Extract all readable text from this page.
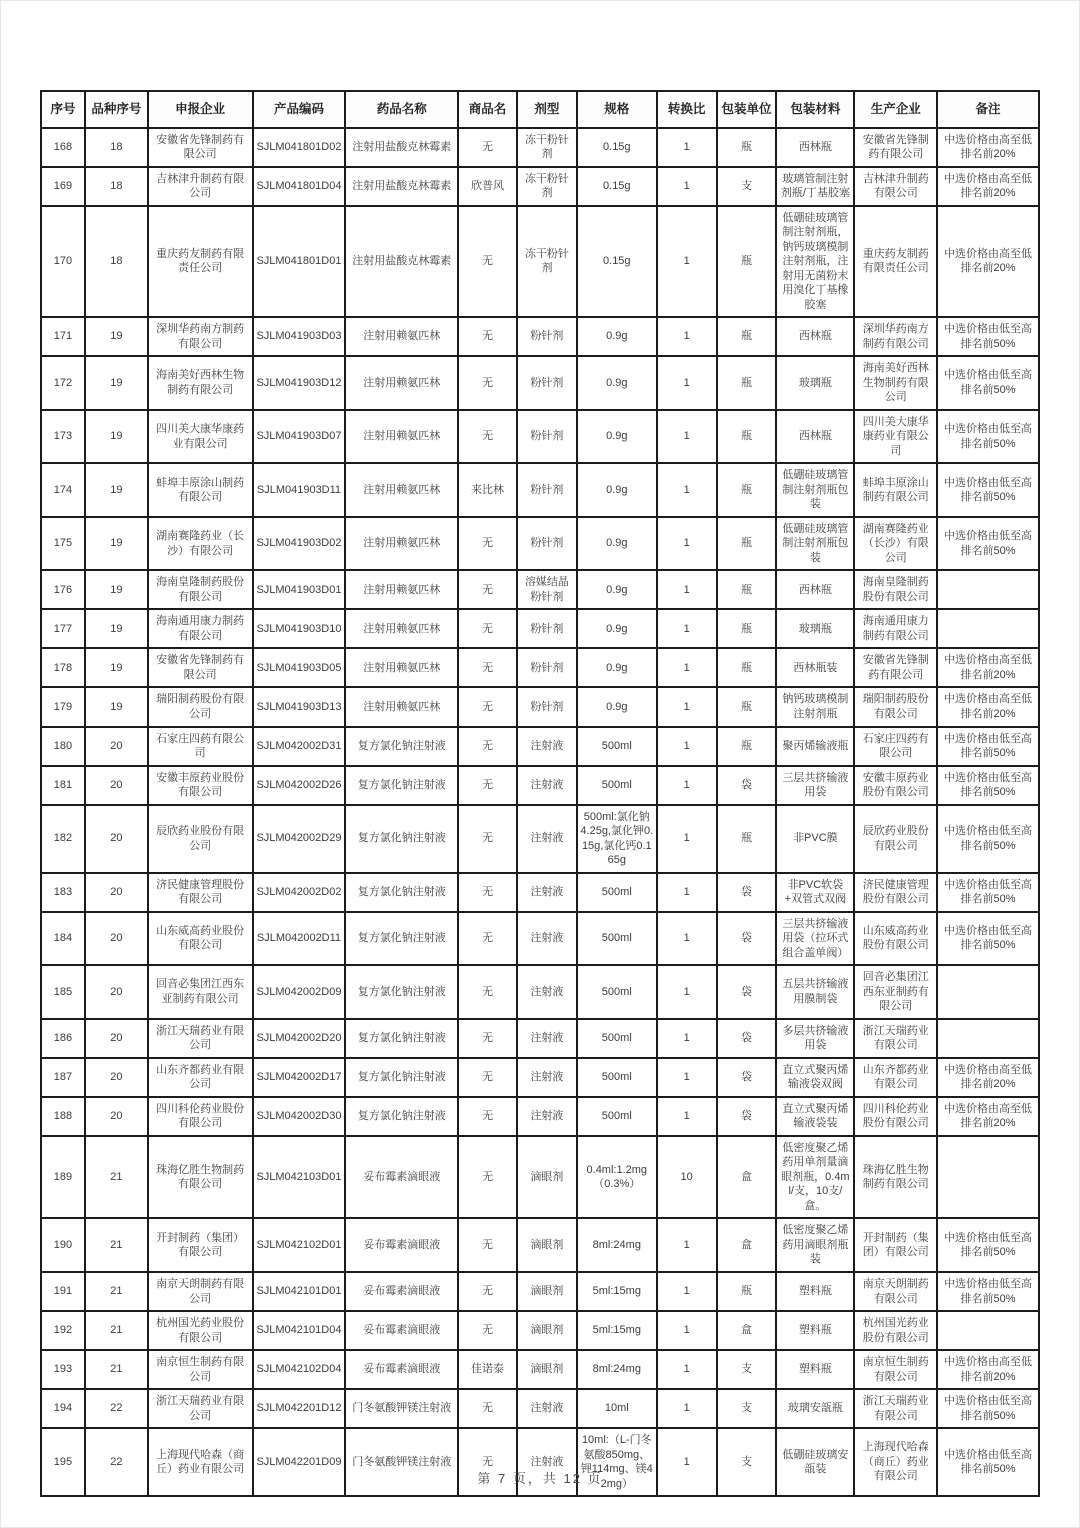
序号	品种序号	申报企业	产品编码	药品名称	商品名	剂型	规格	转换比	包装单位	包装材料	生产企业	备注
168	18	安徽省先锋制药有限公司	SJLM041801D02	注射用盐酸克林霉素	无	冻干粉针剂	0.15g	1	瓶	西林瓶	安徽省先锋制药有限公司	中选价格由高至低排名前20%
169	18	吉林津升制药有限公司	SJLM041801D04	注射用盐酸克林霉素	欣普风	冻干粉针剂	0.15g	1	支	玻璃管制注射剂瓶/丁基胶塞	吉林津升制药有限公司	中选价格由高至低排名前20%
170	18	重庆药友制药有限责任公司	SJLM041801D01	注射用盐酸克林霉素	无	冻干粉针剂	0.15g	1	瓶	低硼硅玻璃管制注射剂瓶，钠钙玻璃模制注射剂瓶，注射用无菌粉末用溴化丁基橡胶塞	重庆药友制药有限责任公司	中选价格由高至低排名前20%
171	19	深圳华药南方制药有限公司	SJLM041903D03	注射用赖氨匹林	无	粉针剂	0.9g	1	瓶	西林瓶	深圳华药南方制药有限公司	中选价格由低至高排名前50%
172	19	海南美好西林生物制药有限公司	SJLM041903D12	注射用赖氨匹林	无	粉针剂	0.9g	1	瓶	玻璃瓶	海南美好西林生物制药有限公司	中选价格由低至高排名前50%
173	19	四川美大康华康药业有限公司	SJLM041903D07	注射用赖氨匹林	无	粉针剂	0.9g	1	瓶	西林瓶	四川美大康华康药业有限公司	中选价格由低至高排名前50%
174	19	蚌埠丰原涂山制药有限公司	SJLM041903D11	注射用赖氨匹林	来比林	粉针剂	0.9g	1	瓶	低硼硅玻璃管制注射剂瓶包装	蚌埠丰原涂山制药有限公司	中选价格由低至高排名前50%
175	19	湖南赛隆药业（长沙）有限公司	SJLM041903D02	注射用赖氨匹林	无	粉针剂	0.9g	1	瓶	低硼硅玻璃管制注射剂瓶包装	湖南赛隆药业（长沙）有限公司	中选价格由低至高排名前50%
176	19	海南皇隆制药股份有限公司	SJLM041903D01	注射用赖氨匹林	无	溶媒结晶粉针剂	0.9g	1	瓶	西林瓶	海南皇隆制药股份有限公司	
177	19	海南通用康力制药有限公司	SJLM041903D10	注射用赖氨匹林	无	粉针剂	0.9g	1	瓶	玻璃瓶	海南通用康力制药有限公司	
178	19	安徽省先锋制药有限公司	SJLM041903D05	注射用赖氨匹林	无	粉针剂	0.9g	1	瓶	西林瓶装	安徽省先锋制药有限公司	中选价格由高至低排名前20%
179	19	瑞阳制药股份有限公司	SJLM041903D13	注射用赖氨匹林	无	粉针剂	0.9g	1	瓶	钠钙玻璃模制注射剂瓶	瑞阳制药股份有限公司	中选价格由高至低排名前20%
180	20	石家庄四药有限公司	SJLM042002D31	复方氯化钠注射液	无	注射液	500ml	1	瓶	聚丙烯输液瓶	石家庄四药有限公司	中选价格由低至高排名前50%
181	20	安徽丰原药业股份有限公司	SJLM042002D26	复方氯化钠注射液	无	注射液	500ml	1	袋	三层共挤输液用袋	安徽丰原药业股份有限公司	中选价格由低至高排名前50%
182	20	辰欣药业股份有限公司	SJLM042002D29	复方氯化钠注射液	无	注射液	500ml:氯化钠4.25g,氯化钾0.15g,氯化钙0.165g	1	瓶	非PVC膜	辰欣药业股份有限公司	中选价格由低至高排名前50%
183	20	济民健康管理股份有限公司	SJLM042002D02	复方氯化钠注射液	无	注射液	500ml	1	袋	非PVC软袋+双管式双阀	济民健康管理股份有限公司	中选价格由低至高排名前50%
184	20	山东威高药业股份有限公司	SJLM042002D11	复方氯化钠注射液	无	注射液	500ml	1	袋	三层共挤输液用袋（拉环式组合盖单阀）	山东威高药业股份有限公司	中选价格由低至高排名前50%
185	20	回音必集团江西东亚制药有限公司	SJLM042002D09	复方氯化钠注射液	无	注射液	500ml	1	袋	五层共挤输液用膜制袋	回音必集团江西东亚制药有限公司	
186	20	浙江天瑞药业有限公司	SJLM042002D20	复方氯化钠注射液	无	注射液	500ml	1	袋	多层共挤输液用袋	浙江天瑞药业有限公司	
187	20	山东齐都药业有限公司	SJLM042002D17	复方氯化钠注射液	无	注射液	500ml	1	袋	直立式聚丙烯输液袋双阀	山东齐都药业有限公司	中选价格由高至低排名前20%
188	20	四川科伦药业股份有限公司	SJLM042002D30	复方氯化钠注射液	无	注射液	500ml	1	袋	直立式聚丙烯输液袋装	四川科伦药业股份有限公司	中选价格由高至低排名前20%
189	21	珠海亿胜生物制药有限公司	SJLM042103D01	妥布霉素滴眼液	无	滴眼剂	0.4ml:1.2mg（0.3%）	10	盒	低密度聚乙烯药用单剂量滴眼剂瓶，0.4ml/支，10支/盒。	珠海亿胜生物制药有限公司	
190	21	开封制药（集团）有限公司	SJLM042102D01	妥布霉素滴眼液	无	滴眼剂	8ml:24mg	1	盒	低密度聚乙烯药用滴眼剂瓶装	开封制药（集团）有限公司	中选价格由低至高排名前50%
191	21	南京天朗制药有限公司	SJLM042101D01	妥布霉素滴眼液	无	滴眼剂	5ml:15mg	1	瓶	塑料瓶	南京天朗制药有限公司	中选价格由低至高排名前50%
192	21	杭州国光药业股份有限公司	SJLM042101D04	妥布霉素滴眼液	无	滴眼剂	5ml:15mg	1	盒	塑料瓶	杭州国光药业股份有限公司	
193	21	南京恒生制药有限公司	SJLM042102D04	妥布霉素滴眼液	佳诺泰	滴眼剂	8ml:24mg	1	支	塑料瓶	南京恒生制药有限公司	中选价格由高至低排名前20%
194	22	浙江天瑞药业有限公司	SJLM042201D12	门冬氨酸钾镁注射液	无	注射液	10ml	1	支	玻璃安瓿瓶	浙江天瑞药业有限公司	中选价格由低至高排名前50%
195	22	上海现代哈森（商丘）药业有限公司	SJLM042201D09	门冬氨酸钾镁注射液	无	注射液	10ml:（L-门冬氨酸850mg、钾114mg、镁42mg）	1	支	低硼硅玻璃安瓿装	上海现代哈森（商丘）药业有限公司	中选价格由低至高排名前50%
第 7 页，共 12 页
